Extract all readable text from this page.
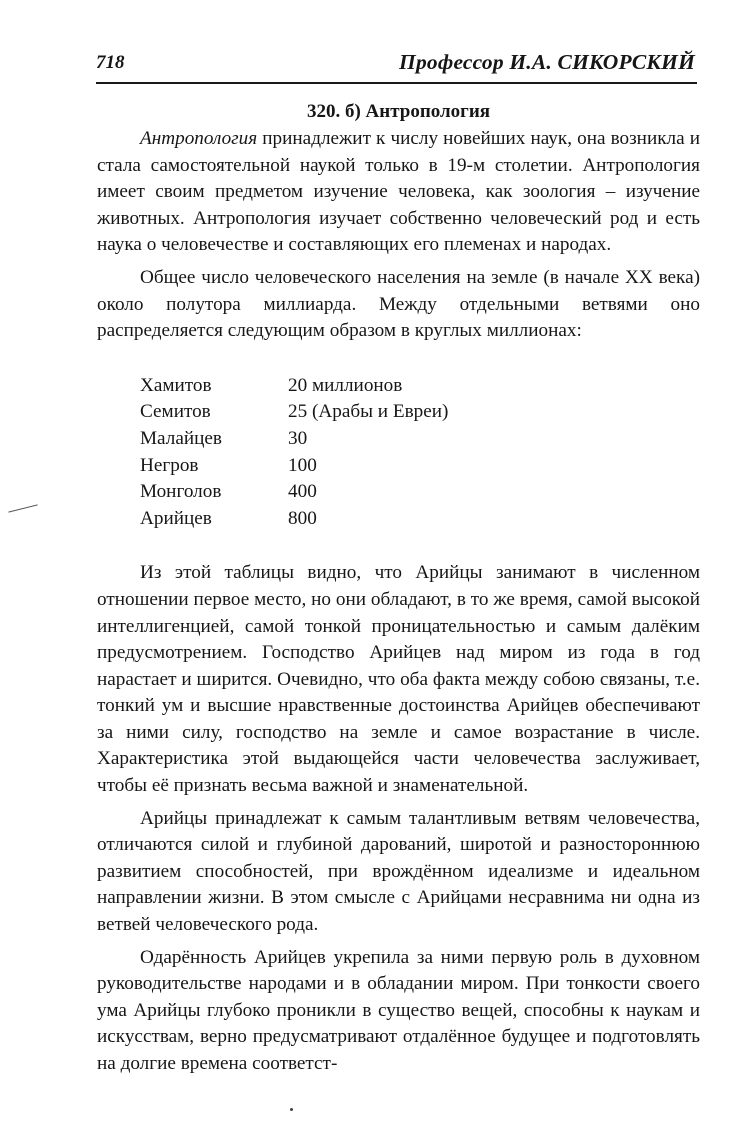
718	Профессор И.А. СИКОРСКИЙ

320. б) Антропология

Антропология принадлежит к числу новейших наук, она возникла и стала самостоятельной наукой только в 19-м столетии. Антропология имеет своим предметом изучение человека, как зоология – изучение животных. Антропология изучает собственно человеческий род и есть наука о человечестве и составляющих его племенах и народах.

Общее число человеческого населения на земле (в начале XX века) около полутора миллиарда. Между отдельными ветвями оно распределяется следующим образом в круглых миллионах:

Хамитов	20 миллионов
Семитов	25 (Арабы и Евреи)
Малайцев	30
Негров	100
Монголов	400
Арийцев	800

Из этой таблицы видно, что Арийцы занимают в численном отношении первое место, но они обладают, в то же время, самой высокой интеллигенцией, самой тонкой проницательностью и самым далёким предусмотрением. Господство Арийцев над миром из года в год нарастает и ширится. Очевидно, что оба факта между собою связаны, т.е. тонкий ум и высшие нравственные достоинства Арийцев обеспечивают за ними силу, господство на земле и самое возрастание в числе. Характеристика этой выдающейся части человечества заслуживает, чтобы её признать весьма важной и знаменательной.

Арийцы принадлежат к самым талантливым ветвям человечества, отличаются силой и глубиной дарований, широтой и разностороннюю развитием способностей, при врождённом идеализме и идеальном направлении жизни. В этом смысле с Арийцами несравнима ни одна из ветвей человеческого рода.

Одарённость Арийцев укрепила за ними первую роль в духовном руководительстве народами и в обладании миром. При тонкости своего ума Арийцы глубоко проникли в существо вещей, способны к наукам и искусствам, верно предусматривают отдалённое будущее и подготовлять на долгие времена соответст-
